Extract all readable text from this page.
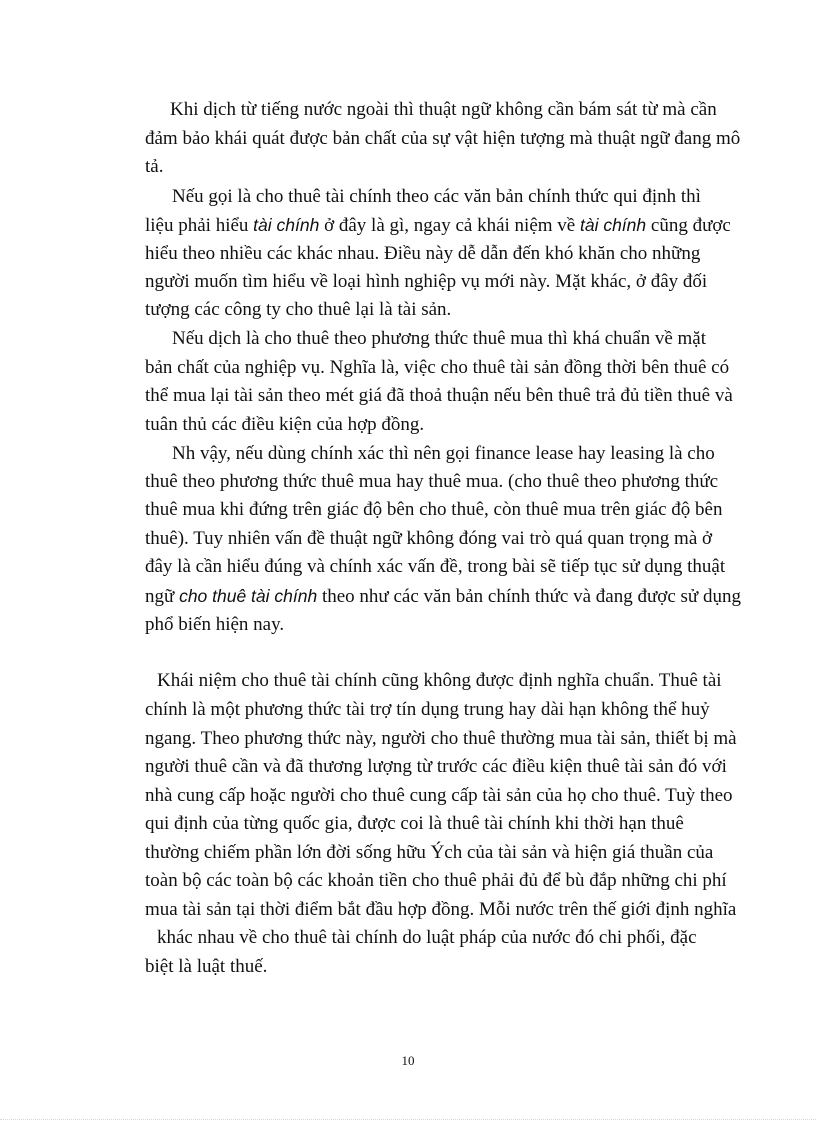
Khi dịch từ tiếng nước ngoài thì thuật ngữ không cần bám sát từ mà cần
đảm bảo khái quát được bản chất của sự vật hiện tượng mà thuật ngữ đang mô
tả.
Nếu gọi là cho thuê tài chính theo các văn bản chính thức qui định thì
liệu phải hiểu tài chính ở đây là gì, ngay cả khái niệm về tài chính cũng được
hiểu theo nhiều các khác nhau. Điều này dễ dẫn đến khó khăn cho những
người muốn tìm hiểu về loại hình nghiệp vụ mới này. Mặt khác, ở đây đối
tượng các công ty cho thuê lại là tài sản.
Nếu dịch là cho thuê theo phương thức thuê mua thì khá chuẩn về mặt
bản chất của nghiệp vụ. Nghĩa là, việc cho thuê tài sản đồng thời bên thuê có
thể mua lại tài sản theo mét giá đã thoả thuận nếu bên thuê trả đủ tiền thuê và
tuân thủ các điều kiện của hợp đồng.
Nh vậy, nếu dùng chính xác thì nên gọi finance lease hay leasing là cho
thuê theo phương thức thuê mua hay thuê mua. (cho thuê theo phương thức
thuê mua khi đứng trên giác độ bên cho thuê, còn thuê mua trên giác độ bên
thuê). Tuy nhiên vấn đề thuật ngữ không đóng vai trò quá quan trọng mà ở
đây là cần hiểu đúng và chính xác vấn đề, trong bài sẽ tiếp tục sử dụng thuật
ngữ cho thuê tài chính theo như các văn bản chính thức và đang được sử dụng
phổ biến hiện nay.
Khái niệm cho thuê tài chính cũng không được định nghĩa chuẩn. Thuê tài
chính là một phương thức tài trợ tín dụng trung hay dài hạn không thể huỷ
ngang. Theo phương thức này, người cho thuê thường mua tài sản, thiết bị mà
người thuê cần và đã thương lượng từ trước các điều kiện thuê tài sản đó với
nhà cung cấp hoặc người cho thuê cung cấp tài sản của họ cho thuê. Tuỳ theo
qui định của từng quốc gia, được coi là thuê tài chính khi thời hạn thuê
thường chiếm phần lớn đời sống hữu Ých của tài sản và hiện giá thuần của
toàn bộ các toàn bộ các khoản tiền cho thuê phải đủ để bù đắp những chi phí
mua tài sản tại thời điểm bắt đầu hợp đồng. Mỗi nước trên thế giới định nghĩa
khác nhau về cho thuê tài chính do luật pháp của nước đó chi phối, đặc
biệt là luật thuế.
10
